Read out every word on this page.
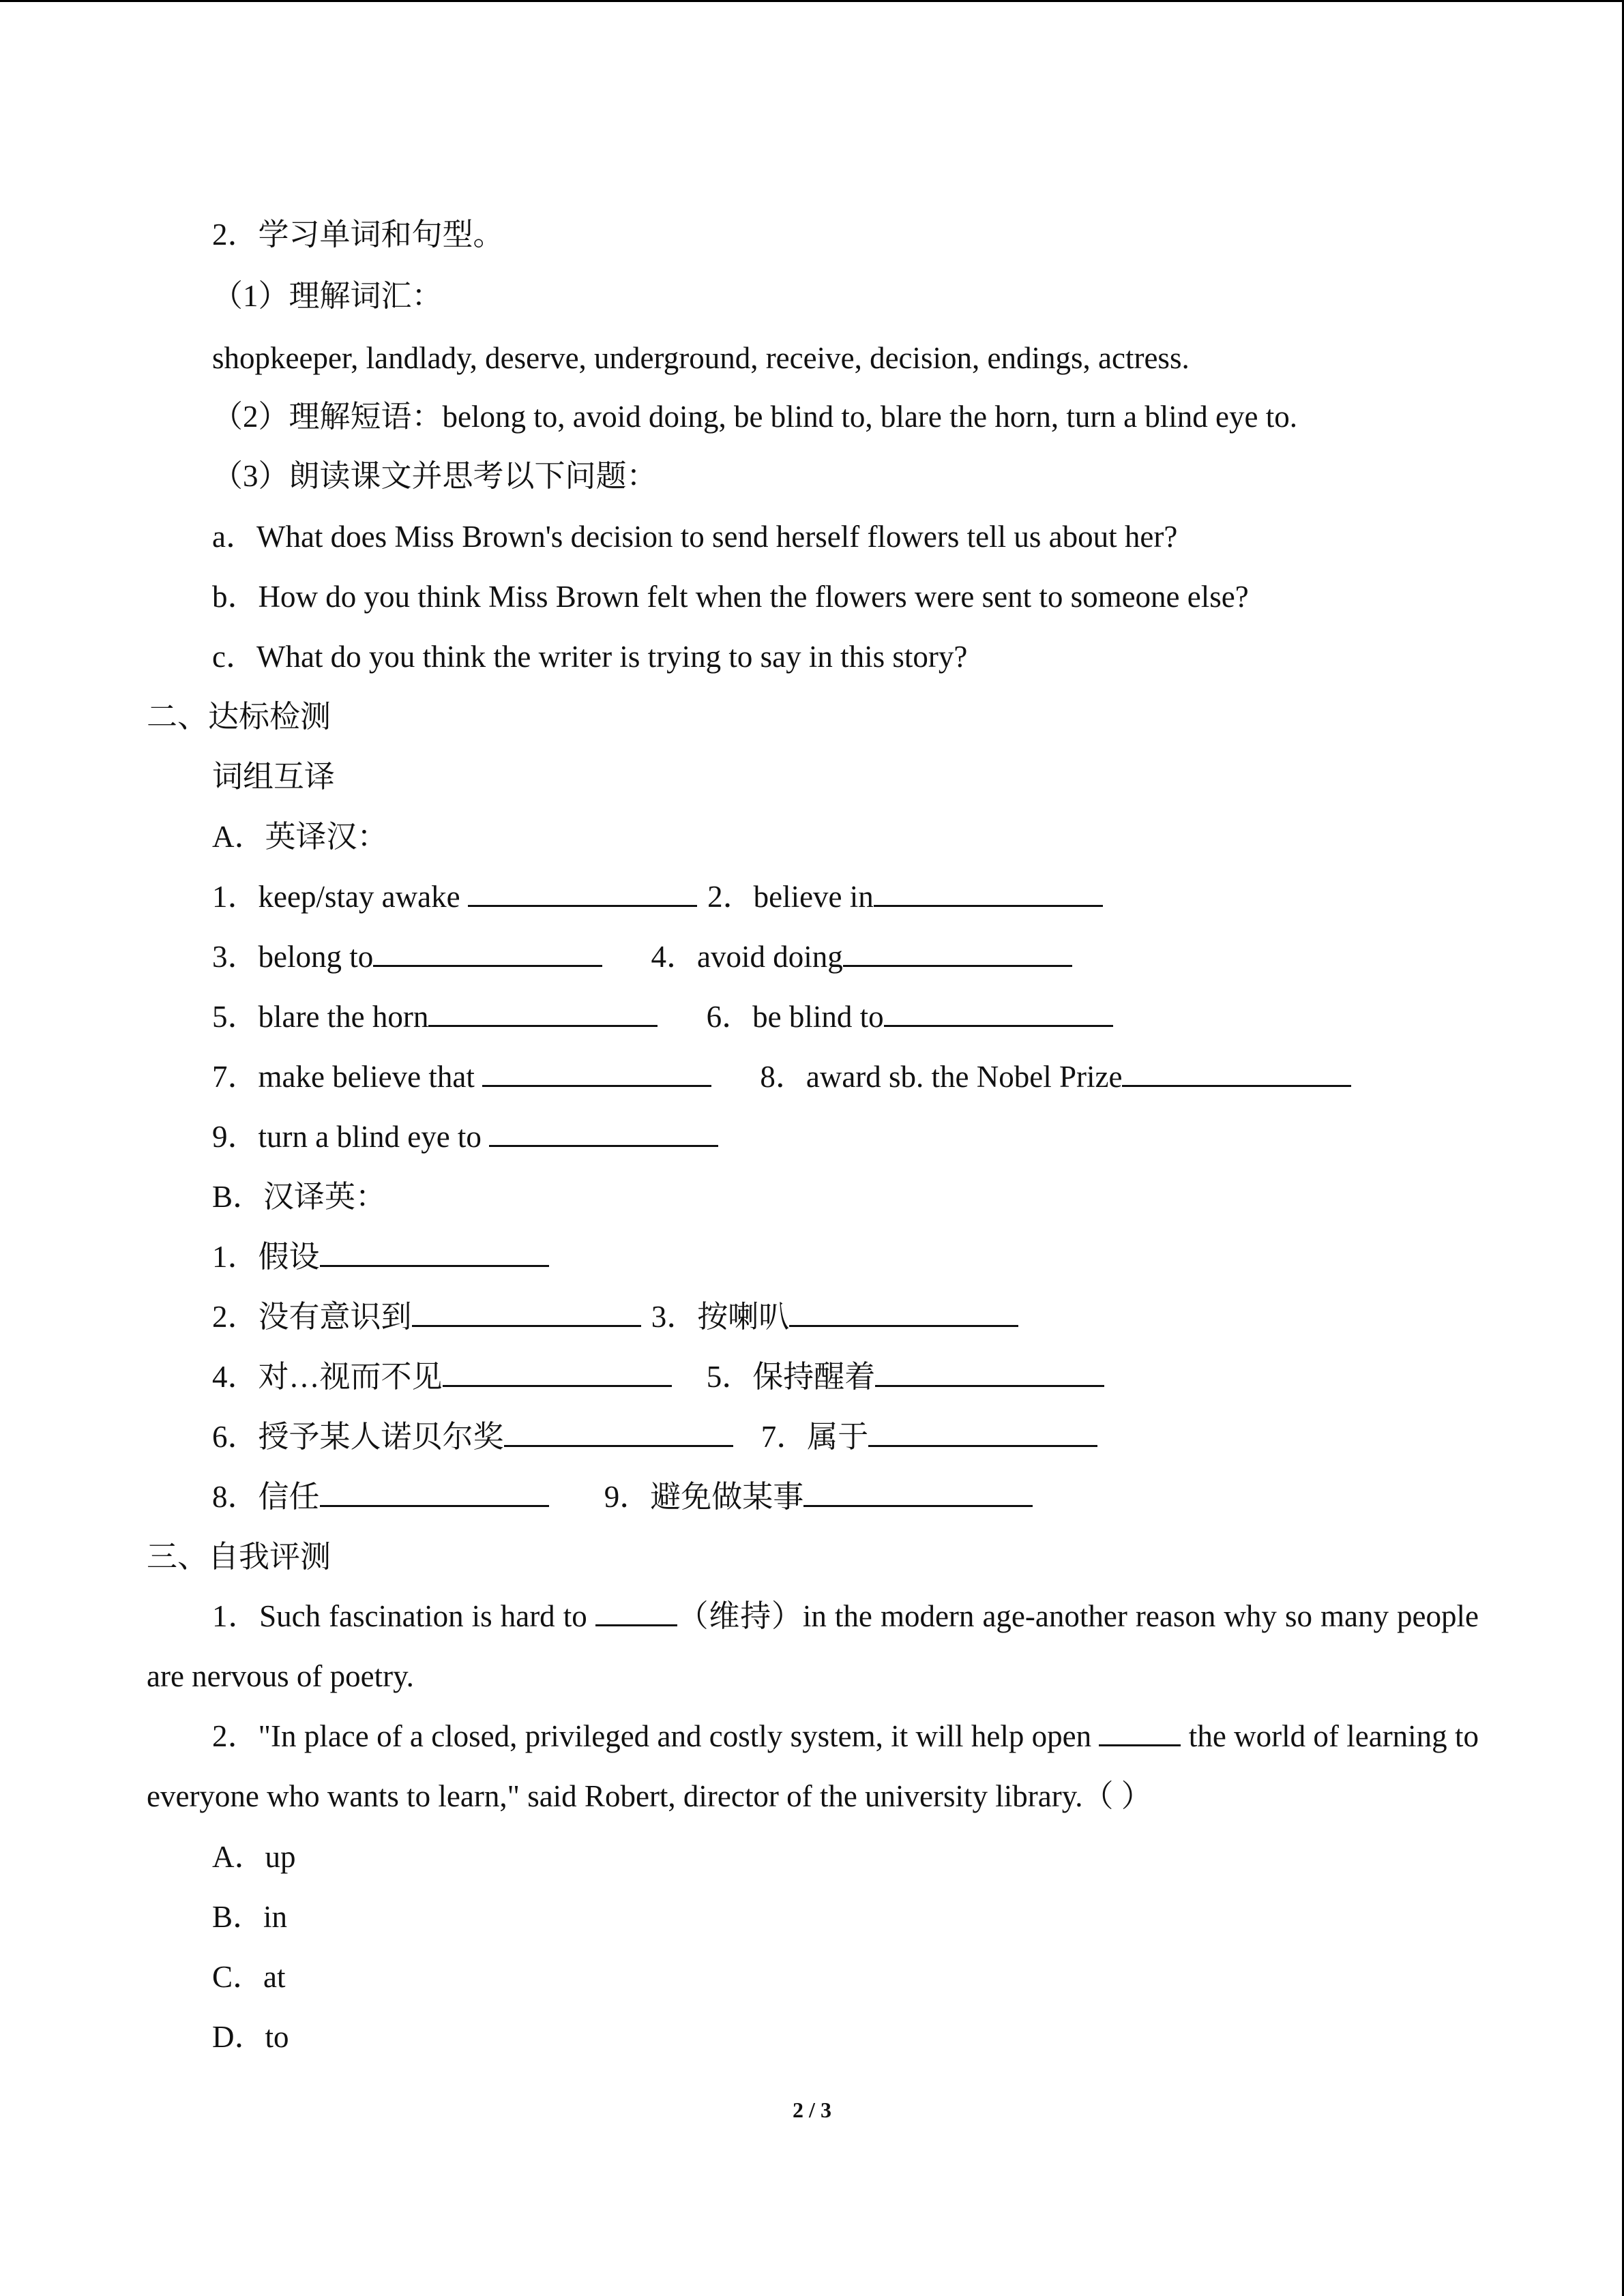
2．学习单词和句型。
（1）理解词汇：
shopkeeper, landlady, deserve, underground, receive, decision, endings, actress.
（2）理解短语：belong to, avoid doing, be blind to, blare the horn, turn a blind eye to.
（3）朗读课文并思考以下问题：
a．What does Miss Brown's decision to send herself flowers tell us about her?
b．How do you think Miss Brown felt when the flowers were sent to someone else?
c．What do you think the writer is trying to say in this story?
二、达标检测
词组互译
A．英译汉：
1．keep/stay awake	2．believe in
3．belong to	4．avoid doing
5．blare the horn	6．be blind to
7．make believe that	8．award sb. the Nobel Prize
9．turn a blind eye to
B．汉译英：
1．假设
2．没有意识到	3．按喇叭
4．对…视而不见	5．保持醒着
6．授予某人诺贝尔奖	7．属于
8．信任	9．避免做某事
三、自我评测
1．Such fascination is hard to	（维持）in the modern age-another reason why so many people are nervous of poetry.
2．"In place of a closed, privileged and costly system, it will help open	the world of learning to everyone who wants to learn," said Robert, director of the university library.（ ）
A．up
B．in
C．at
D．to
2 / 3
